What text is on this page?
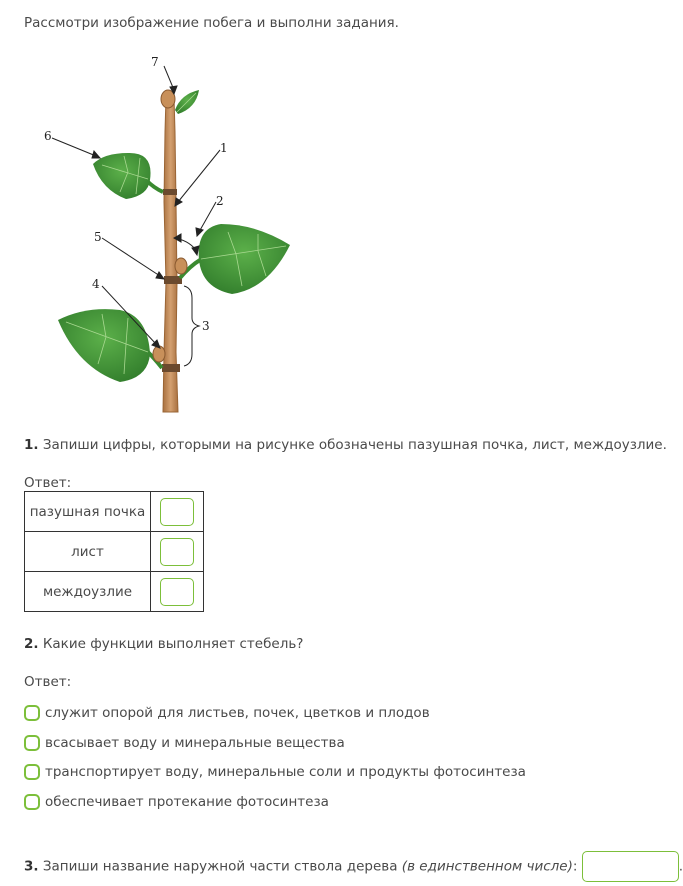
Рассмотри изображение побега и выполни задания.
7
6
1
2
5
4
3
1. Запиши цифры, которыми на рисунке обозначены пазушная почка, лист, междоузлие.
Ответ:
пазушная почка	
лист	
междоузлие	
2. Какие функции выполняет стебель?
Ответ:
служит опорой для листьев, почек, цветков и плодов
всасывает воду и минеральные вещества
транспортирует воду, минеральные соли и продукты фотосинтеза
обеспечивает протекание фотосинтеза
3. Запиши название наружной части ствола дерева (в единственном числе):	.
